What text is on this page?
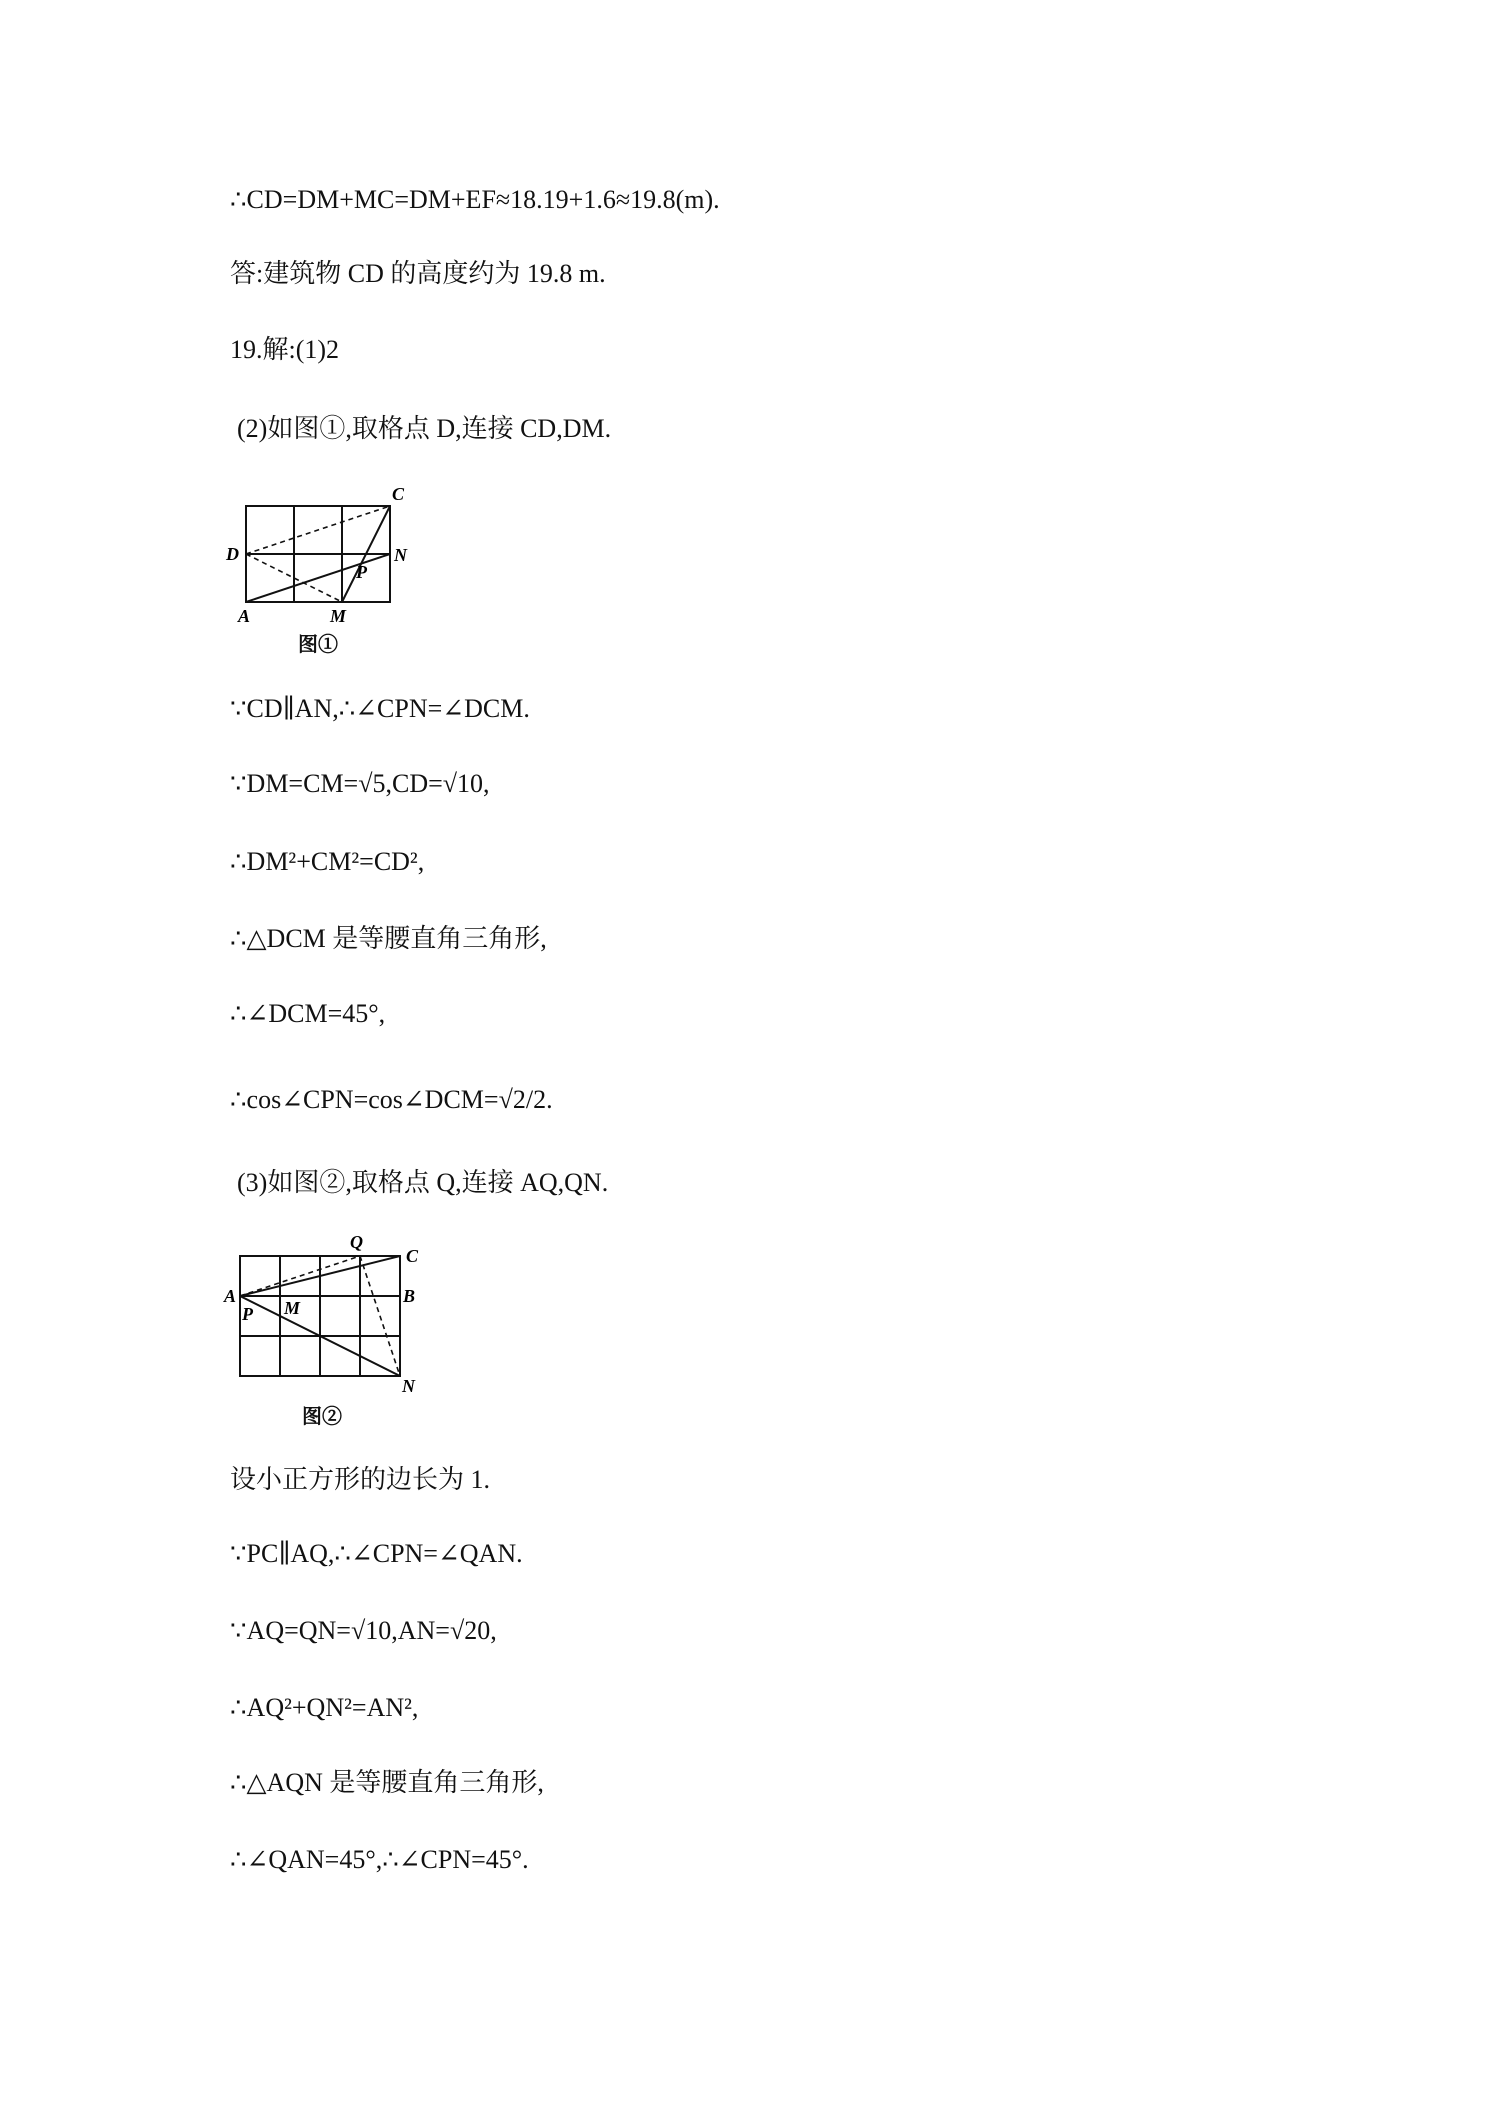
∴CD=DM+MC=DM+EF≈18.19+1.6≈19.8(m).
答:建筑物 CD 的高度约为 19.8 m.
19.解:(1)2
(2)如图①,取格点 D,连接 CD,DM.
C
D	N
P
A	M
图①
∵CD∥AN,∴∠CPN=∠DCM.
∵DM=CM=√5,CD=√10,
∴DM²+CM²=CD²,
∴△DCM 是等腰直角三角形,
∴∠DCM=45°,
∴cos∠CPN=cos∠DCM=√2/2.
(3)如图②,取格点 Q,连接 AQ,QN.
Q
C
A	B
P M
N
图②
设小正方形的边长为 1.
∵PC∥AQ,∴∠CPN=∠QAN.
∵AQ=QN=√10,AN=√20,
∴AQ²+QN²=AN²,
∴△AQN 是等腰直角三角形,
∴∠QAN=45°,∴∠CPN=45°.
